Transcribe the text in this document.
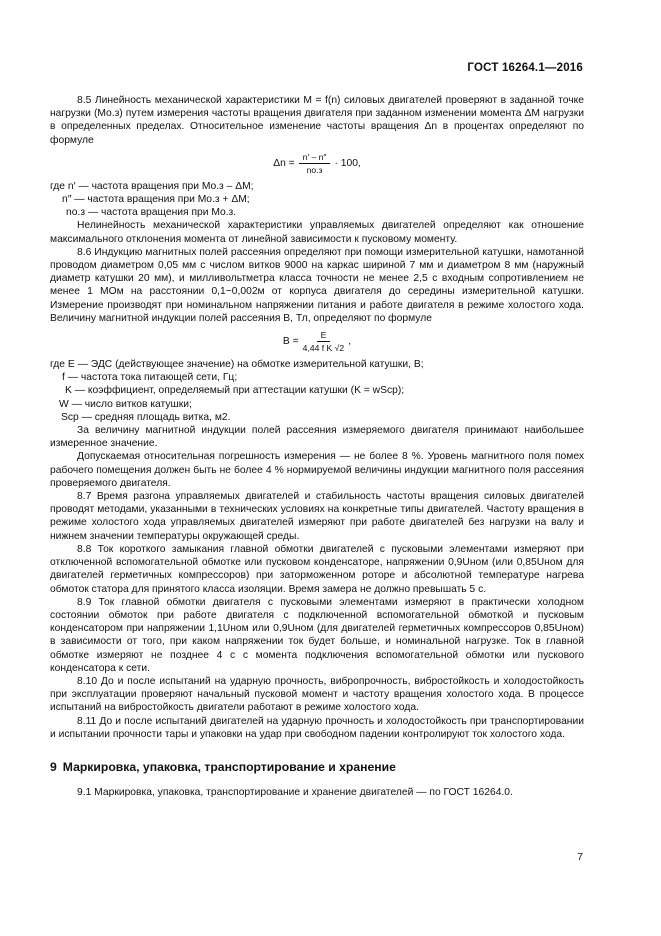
ГОСТ 16264.1—2016

8.5 Линейность механической характеристики M = f(n) силовых двигателей проверяют в заданной точке нагрузки (Mо.з) путем измерения частоты вращения двигателя при заданном изменении момента ΔM нагрузки в определенных пределах. Относительное изменение частоты вращения Δn в процентах определяют по формуле

$\Delta n = \frac{n' - n''}{nо.з} \cdot 100$,
где n′ — частота вращения при Mо.з – ΔM;
n″ — частота вращения при Mо.з + ΔM;
nо.з — частота вращения при Mо.з.

Нелинейность механической характеристики управляемых двигателей определяют как отношение максимального отклонения момента от линейной зависимости к пусковому моменту.

8.6 Индукцию магнитных полей рассеяния определяют при помощи измерительной катушки, намотанной проводом диаметром 0,05 мм с числом витков 9000 на каркас шириной 7 мм и диаметром 8 мм (наружный диаметр катушки 20 мм), и милливольтметра класса точности не менее 2,5 с входным сопротивлением не менее 1 МОм на расстоянии 0,1−0,002м от корпуса двигателя до середины измерительной катушки. Измерение производят при номинальном напряжении питания и работе двигателя в режиме холостого хода. Величину магнитной индукции полей рассеяния B, Тл, определяют по формуле

$B = \frac{E}{\text{4,44 f K √2}}$ ,
где E — ЭДС (действующее значение) на обмотке измерительной катушки, В;
f — частота тока питающей сети, Гц;
K — коэффициент, определяемый при аттестации катушки (K = wSср);
W — число витков катушки;
Sср — средняя площадь витка, м2.

За величину магнитной индукции полей рассеяния измеряемого двигателя принимают наибольшее измеренное значение.

Допускаемая относительная погрешность измерения — не более 8 %. Уровень магнитного поля помех рабочего помещения должен быть не более 4 % нормируемой величины индукции магнитного поля рассеяния проверяемого двигателя.

8.7 Время разгона управляемых двигателей и стабильность частоты вращения силовых двигателей проводят методами, указанными в технических условиях на конкретные типы двигателей. Частоту вращения в режиме холостого хода управляемых двигателей измеряют при работе двигателей без нагрузки на валу и нижнем значении температуры окружающей среды.

8.8 Ток короткого замыкания главной обмотки двигателей с пусковыми элементами измеряют при отключенной вспомогательной обмотке или пусковом конденсаторе, напряжении 0,9Uном (или 0,85Uном для двигателей герметичных компрессоров) при заторможенном роторе и абсолютной температуре нагрева обмоток статора для принятого класса изоляции. Время замера не должно превышать 5 с.

8.9 Ток главной обмотки двигателя с пусковыми элементами измеряют в практически холодном состоянии обмоток при работе двигателя с подключенной вспомогательной обмоткой и пусковым конденсатором при напряжении 1,1Uном или 0,9Uном (для двигателей герметичных компрессоров 0,85Uном) в зависимости от того, при каком напряжении ток будет больше, и номинальной нагрузке. Ток в главной обмотке измеряют не позднее 4 с с момента подключения вспомогательной обмотки или пускового конденсатора к сети.

8.10 До и после испытаний на ударную прочность, вибропрочность, вибростойкость и холодостойкость при эксплуатации проверяют начальный пусковой момент и частоту вращения холостого хода. В процессе испытаний на вибростойкость двигатели работают в режиме холостого хода.

8.11 До и после испытаний двигателей на ударную прочность и холодостойкость при транспортировании и испытании прочности тары и упаковки на удар при свободном падении контролируют ток холостого хода.

9 Маркировка, упаковка, транспортирование и хранение

9.1 Маркировка, упаковка, транспортирование и хранение двигателей — по ГОСТ 16264.0.

7
